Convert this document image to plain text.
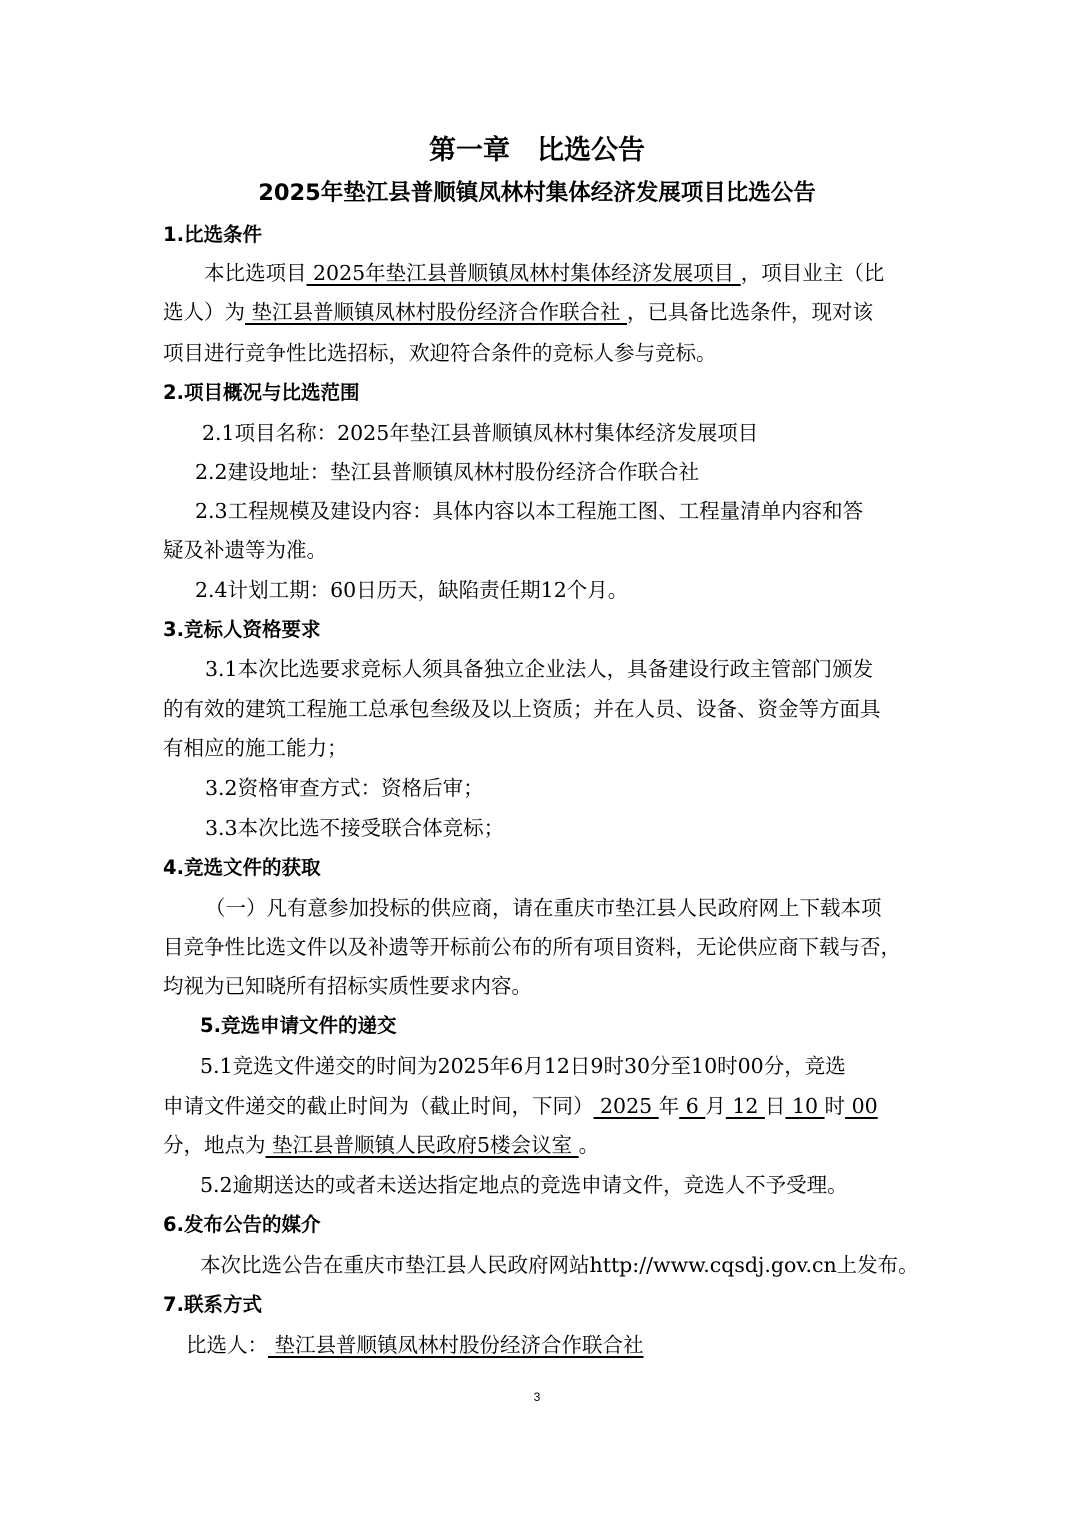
第一章　比选公告
2025年垫江县普顺镇凤林村集体经济发展项目比选公告
1.比选条件
本比选项目 2025年垫江县普顺镇凤林村集体经济发展项目 ，项目业主（比
选人）为 垫江县普顺镇凤林村股份经济合作联合社 ，已具备比选条件，现对该
项目进行竞争性比选招标，欢迎符合条件的竞标人参与竞标。
2.项目概况与比选范围
2.1项目名称：2025年垫江县普顺镇凤林村集体经济发展项目
2.2建设地址：垫江县普顺镇凤林村股份经济合作联合社
2.3工程规模及建设内容：具体内容以本工程施工图、工程量清单内容和答
疑及补遗等为准。
2.4计划工期：60日历天，缺陷责任期12个月。
3.竞标人资格要求
3.1本次比选要求竞标人须具备独立企业法人，具备建设行政主管部门颁发
的有效的建筑工程施工总承包叁级及以上资质；并在人员、设备、资金等方面具
有相应的施工能力；
3.2资格审查方式：资格后审；
3.3本次比选不接受联合体竞标；
4.竞选文件的获取
（一）凡有意参加投标的供应商，请在重庆市垫江县人民政府网上下载本项
目竞争性比选文件以及补遗等开标前公布的所有项目资料，无论供应商下载与否，
均视为已知晓所有招标实质性要求内容。
5.竞选申请文件的递交
5.1竞选文件递交的时间为2025年6月12日9时30分至10时00分，竞选
申请文件递交的截止时间为（截止时间，下同） 2025 年 6 月 12 日 10 时 00
分，地点为 垫江县普顺镇人民政府5楼会议室 。
5.2逾期送达的或者未送达指定地点的竞选申请文件，竞选人不予受理。
6.发布公告的媒介
本次比选公告在重庆市垫江县人民政府网站http://www.cqsdj.gov.cn上发布。
7.联系方式
比选人： 垫江县普顺镇凤林村股份经济合作联合社
3
